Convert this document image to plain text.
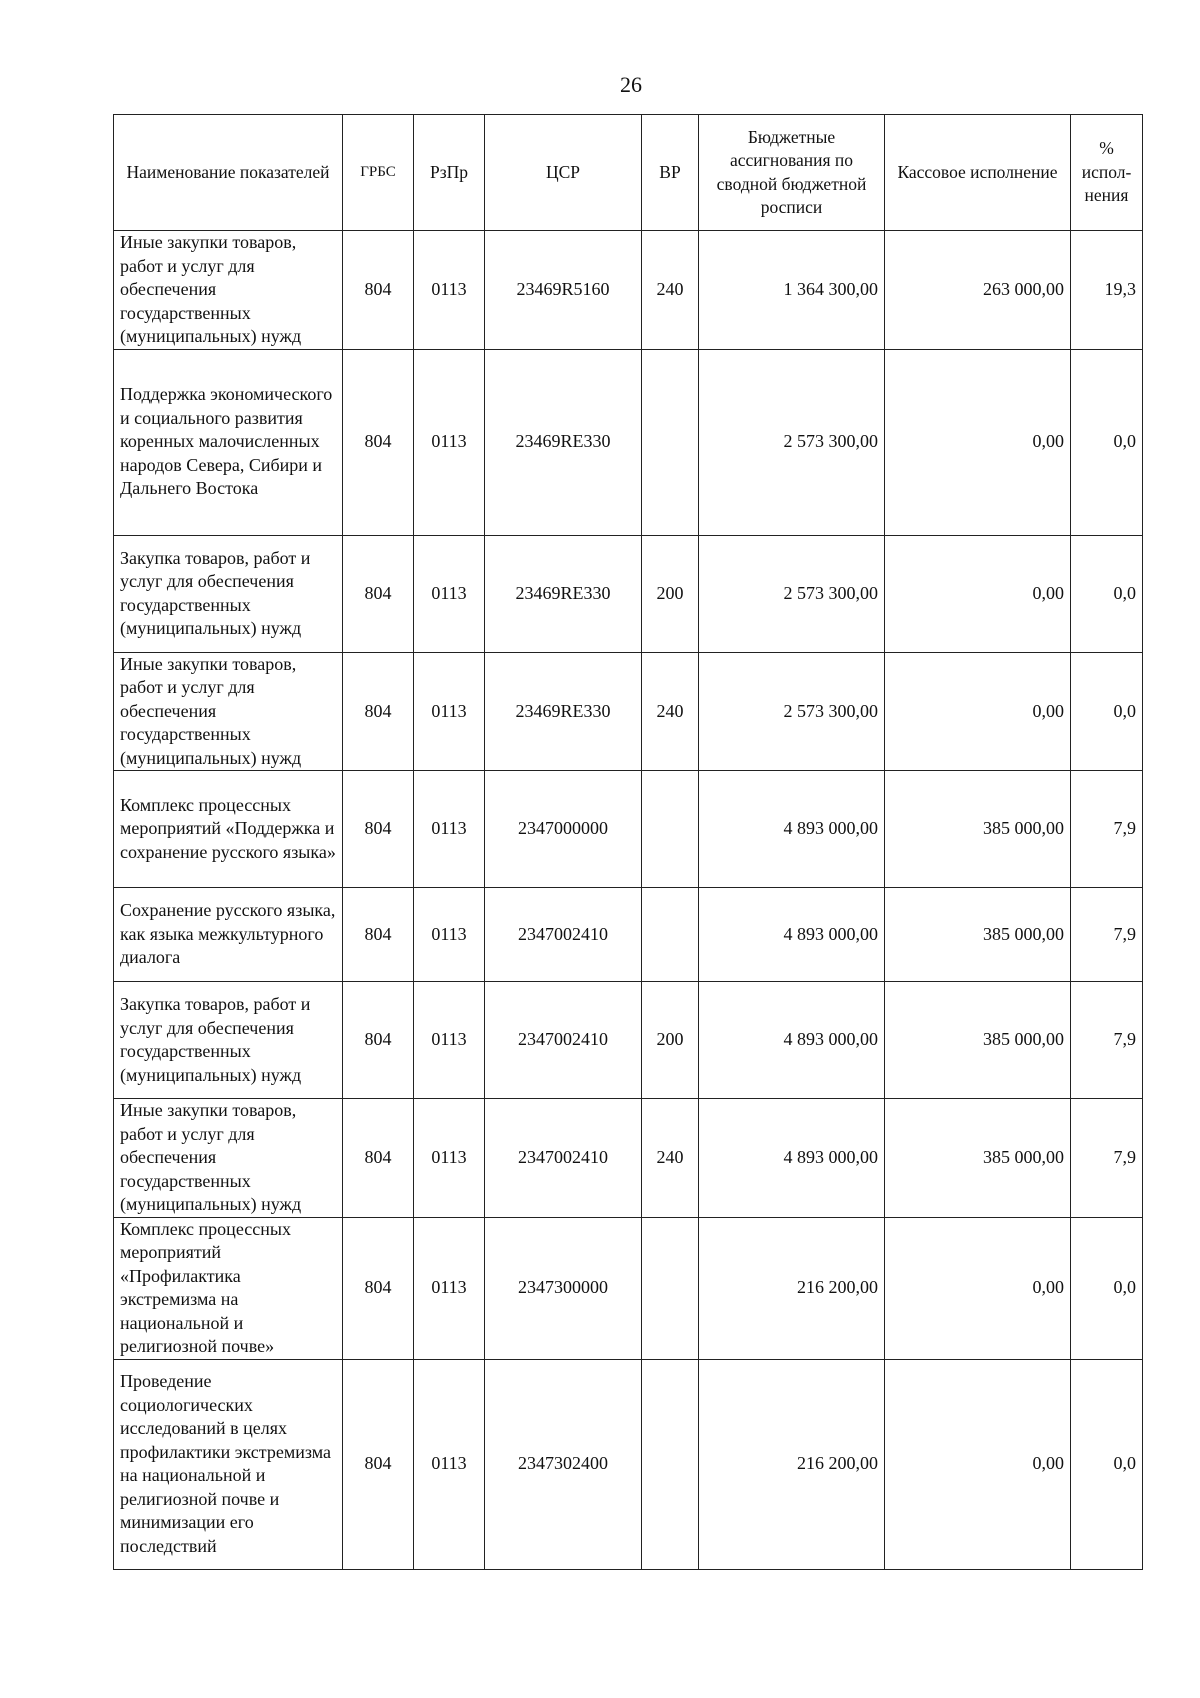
26
Наименование показателей	ГРБС	РзПр	ЦСР	ВР	Бюджетные ассигнования по сводной бюджетной росписи	Кассовое исполнение	% испол-нения
Иные закупки товаров, работ и услуг для обеспечения государственных (муниципальных) нужд	804	0113	23469R5160	240	1 364 300,00	263 000,00	19,3
Поддержка экономического и социального развития коренных малочисленных народов Севера, Сибири и Дальнего Востока	804	0113	23469RE330		2 573 300,00	0,00	0,0
Закупка товаров, работ и услуг для обеспечения государственных (муниципальных) нужд	804	0113	23469RE330	200	2 573 300,00	0,00	0,0
Иные закупки товаров, работ и услуг для обеспечения государственных (муниципальных) нужд	804	0113	23469RE330	240	2 573 300,00	0,00	0,0
Комплекс процессных мероприятий «Поддержка и сохранение русского языка»	804	0113	2347000000		4 893 000,00	385 000,00	7,9
Сохранение русского языка, как языка межкультурного диалога	804	0113	2347002410		4 893 000,00	385 000,00	7,9
Закупка товаров, работ и услуг для обеспечения государственных (муниципальных) нужд	804	0113	2347002410	200	4 893 000,00	385 000,00	7,9
Иные закупки товаров, работ и услуг для обеспечения государственных (муниципальных) нужд	804	0113	2347002410	240	4 893 000,00	385 000,00	7,9
Комплекс процессных мероприятий «Профилактика экстремизма на национальной и религиозной почве»	804	0113	2347300000		216 200,00	0,00	0,0
Проведение социологических исследований в целях профилактики экстремизма на национальной и религиозной почве и минимизации его последствий	804	0113	2347302400		216 200,00	0,00	0,0
